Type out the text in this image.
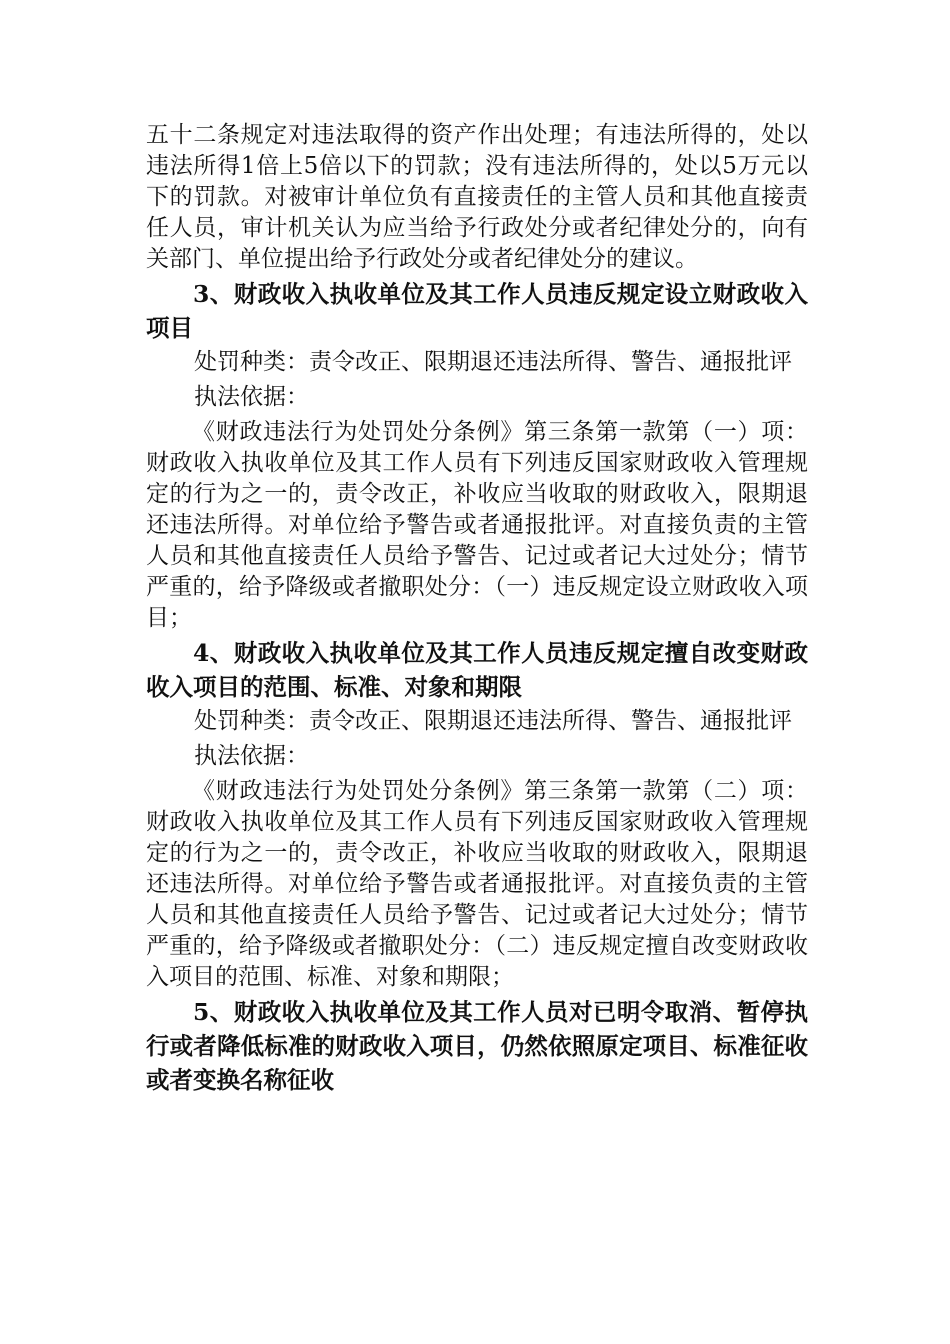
五十二条规定对违法取得的资产作出处理；有违法所得的，处以违法所得1倍上5倍以下的罚款；没有违法所得的，处以5万元以下的罚款。对被审计单位负有直接责任的主管人员和其他直接责任人员，审计机关认为应当给予行政处分或者纪律处分的，向有关部门、单位提出给予行政处分或者纪律处分的建议。

3、财政收入执收单位及其工作人员违反规定设立财政收入项目

处罚种类：责令改正、限期退还违法所得、警告、通报批评

执法依据：

《财政违法行为处罚处分条例》第三条第一款第（一）项：财政收入执收单位及其工作人员有下列违反国家财政收入管理规定的行为之一的，责令改正，补收应当收取的财政收入，限期退还违法所得。对单位给予警告或者通报批评。对直接负责的主管人员和其他直接责任人员给予警告、记过或者记大过处分；情节严重的，给予降级或者撤职处分：（一）违反规定设立财政收入项目；

4、财政收入执收单位及其工作人员违反规定擅自改变财政收入项目的范围、标准、对象和期限

处罚种类：责令改正、限期退还违法所得、警告、通报批评

执法依据：

《财政违法行为处罚处分条例》第三条第一款第（二）项：财政收入执收单位及其工作人员有下列违反国家财政收入管理规定的行为之一的，责令改正，补收应当收取的财政收入，限期退还违法所得。对单位给予警告或者通报批评。对直接负责的主管人员和其他直接责任人员给予警告、记过或者记大过处分；情节严重的，给予降级或者撤职处分：（二）违反规定擅自改变财政收入项目的范围、标准、对象和期限；

5、财政收入执收单位及其工作人员对已明令取消、暂停执行或者降低标准的财政收入项目，仍然依照原定项目、标准征收或者变换名称征收
